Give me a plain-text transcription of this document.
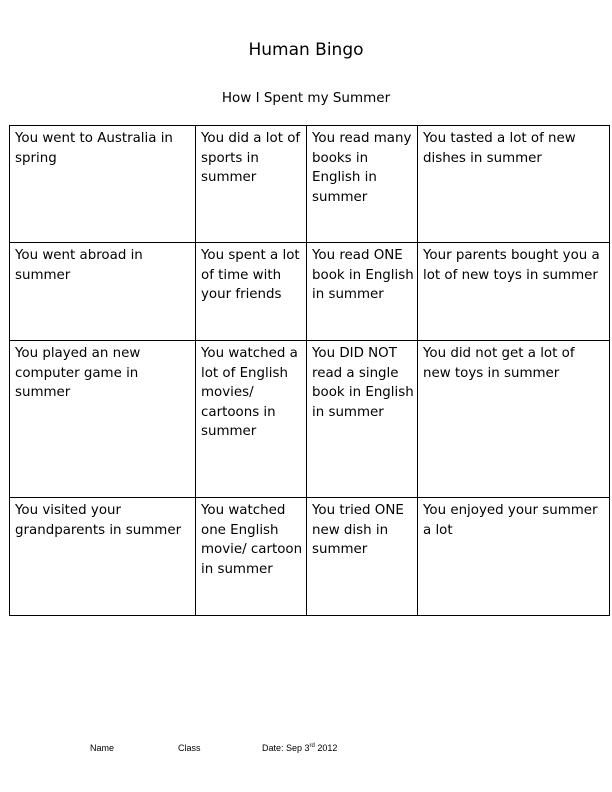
Human Bingo
How I Spent my Summer
You went to Australia in spring	You did a lot of sports in summer	You read many books in English in summer	You tasted a lot of new dishes in summer
You went abroad in summer	You spent a lot of time with your friends	You read ONE book in English in summer	Your parents bought you a lot of new toys in summer
You played an new computer game in summer	You watched a lot of English movies/ cartoons in summer	You DID NOT read a single book in English in summer	You did not get a lot of new toys in summer
You visited your grandparents in summer	You watched one English movie/ cartoon in summer	You tried ONE new dish in summer	You enjoyed your summer a lot
Name	Class	Date: Sep 3rd 2012
